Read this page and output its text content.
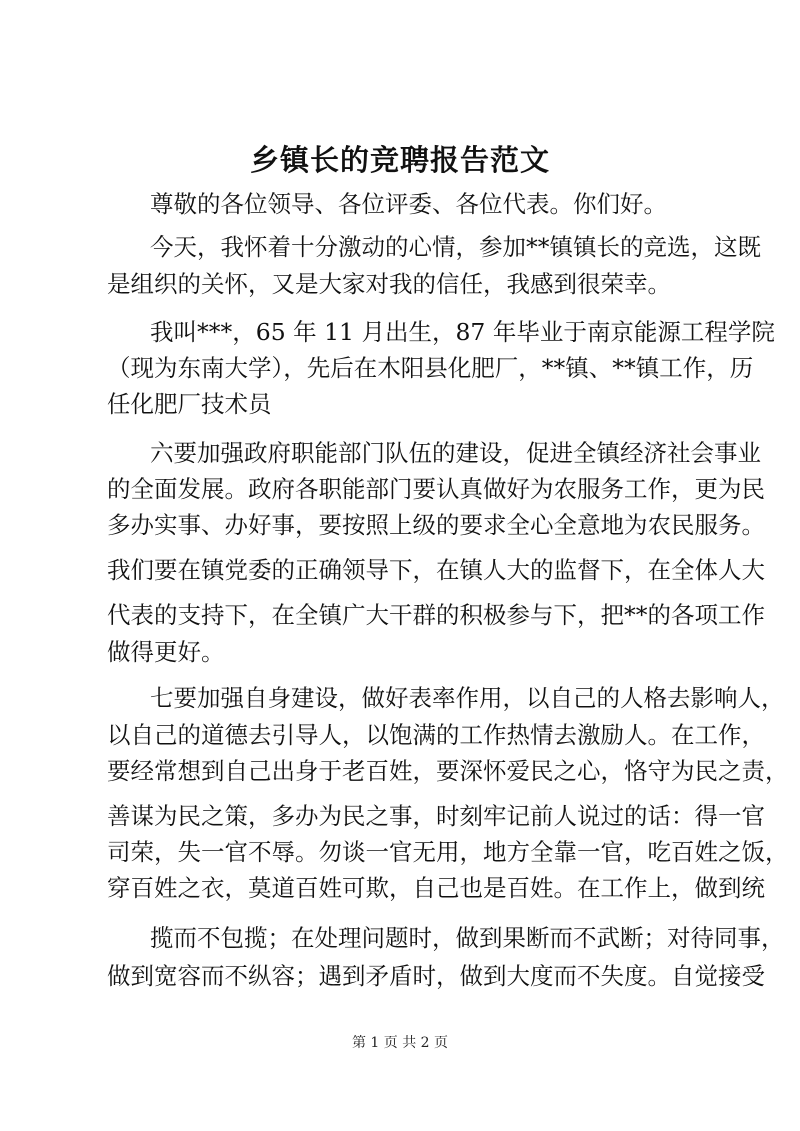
乡镇长的竞聘报告范文

尊敬的各位领导、各位评委、各位代表。你们好。

今天，我怀着十分激动的心情，参加**镇镇长的竞选，这既

是组织的关怀，又是大家对我的信任，我感到很荣幸。

我叫***，65 年 11 月出生，87 年毕业于南京能源工程学院

（现为东南大学），先后在木阳县化肥厂，**镇、**镇工作，历

任化肥厂技术员

六要加强政府职能部门队伍的建设，促进全镇经济社会事业

的全面发展。政府各职能部门要认真做好为农服务工作，更为民

多办实事、办好事，要按照上级的要求全心全意地为农民服务。

我们要在镇党委的正确领导下，在镇人大的监督下，在全体人大

代表的支持下，在全镇广大干群的积极参与下，把**的各项工作

做得更好。

七要加强自身建设，做好表率作用，以自己的人格去影响人，

以自己的道德去引导人，以饱满的工作热情去激励人。在工作，

要经常想到自己出身于老百姓，要深怀爱民之心，恪守为民之责，

善谋为民之策，多办为民之事，时刻牢记前人说过的话：得一官

司荣，失一官不辱。勿谈一官无用，地方全靠一官，吃百姓之饭，

穿百姓之衣，莫道百姓可欺，自己也是百姓。在工作上，做到统

揽而不包揽；在处理问题时，做到果断而不武断；对待同事，

做到宽容而不纵容；遇到矛盾时，做到大度而不失度。自觉接受

第 1 页 共 2 页
